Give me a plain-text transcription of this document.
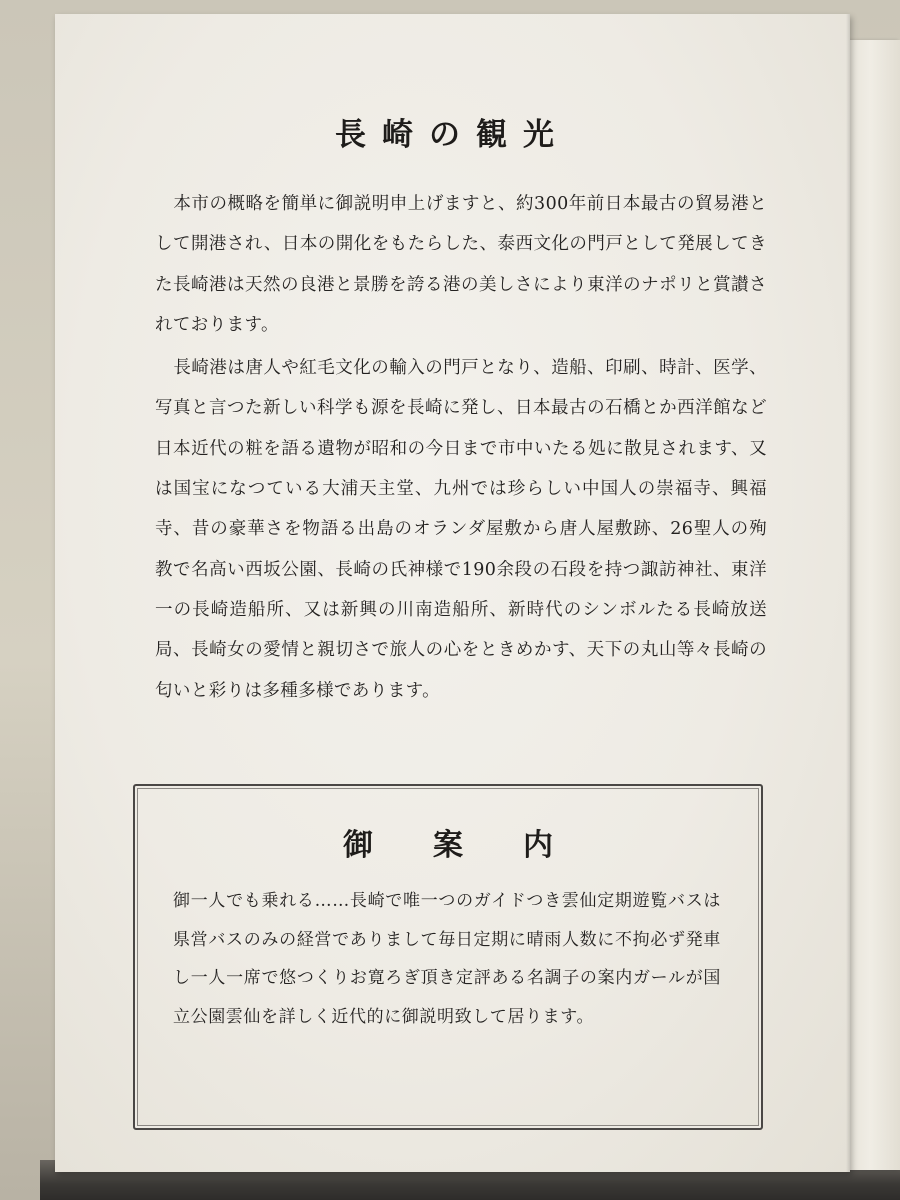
長崎の観光

本市の概略を簡単に御説明申上げますと、約300年前日本最古の貿易港として開港され、日本の開化をもたらした、泰西文化の門戸として発展してきた長崎港は天然の良港と景勝を誇る港の美しさにより東洋のナポリと賞讃されております。

長崎港は唐人や紅毛文化の輸入の門戸となり、造船、印刷、時計、医学、写真と言つた新しい科学も源を長崎に発し、日本最古の石橋とか西洋館など日本近代の粧を語る遺物が昭和の今日まで市中いたる処に散見されます、又は国宝になつている大浦天主堂、九州では珍らしい中国人の崇福寺、興福寺、昔の豪華さを物語る出島のオランダ屋敷から唐人屋敷跡、26聖人の殉教で名高い西坂公園、長崎の氏神様で190余段の石段を持つ諏訪神社、東洋一の長崎造船所、又は新興の川南造船所、新時代のシンボルたる長崎放送局、長崎女の愛情と親切さで旅人の心をときめかす、天下の丸山等々長崎の匂いと彩りは多種多様であります。

御案内

御一人でも乗れる……長崎で唯一つのガイドつき雲仙定期遊覧バスは県営バスのみの経営でありまして毎日定期に晴雨人数に不拘必ず発車し一人一席で悠つくりお寛ろぎ頂き定評ある名調子の案内ガールが国立公園雲仙を詳しく近代的に御説明致して居ります。
